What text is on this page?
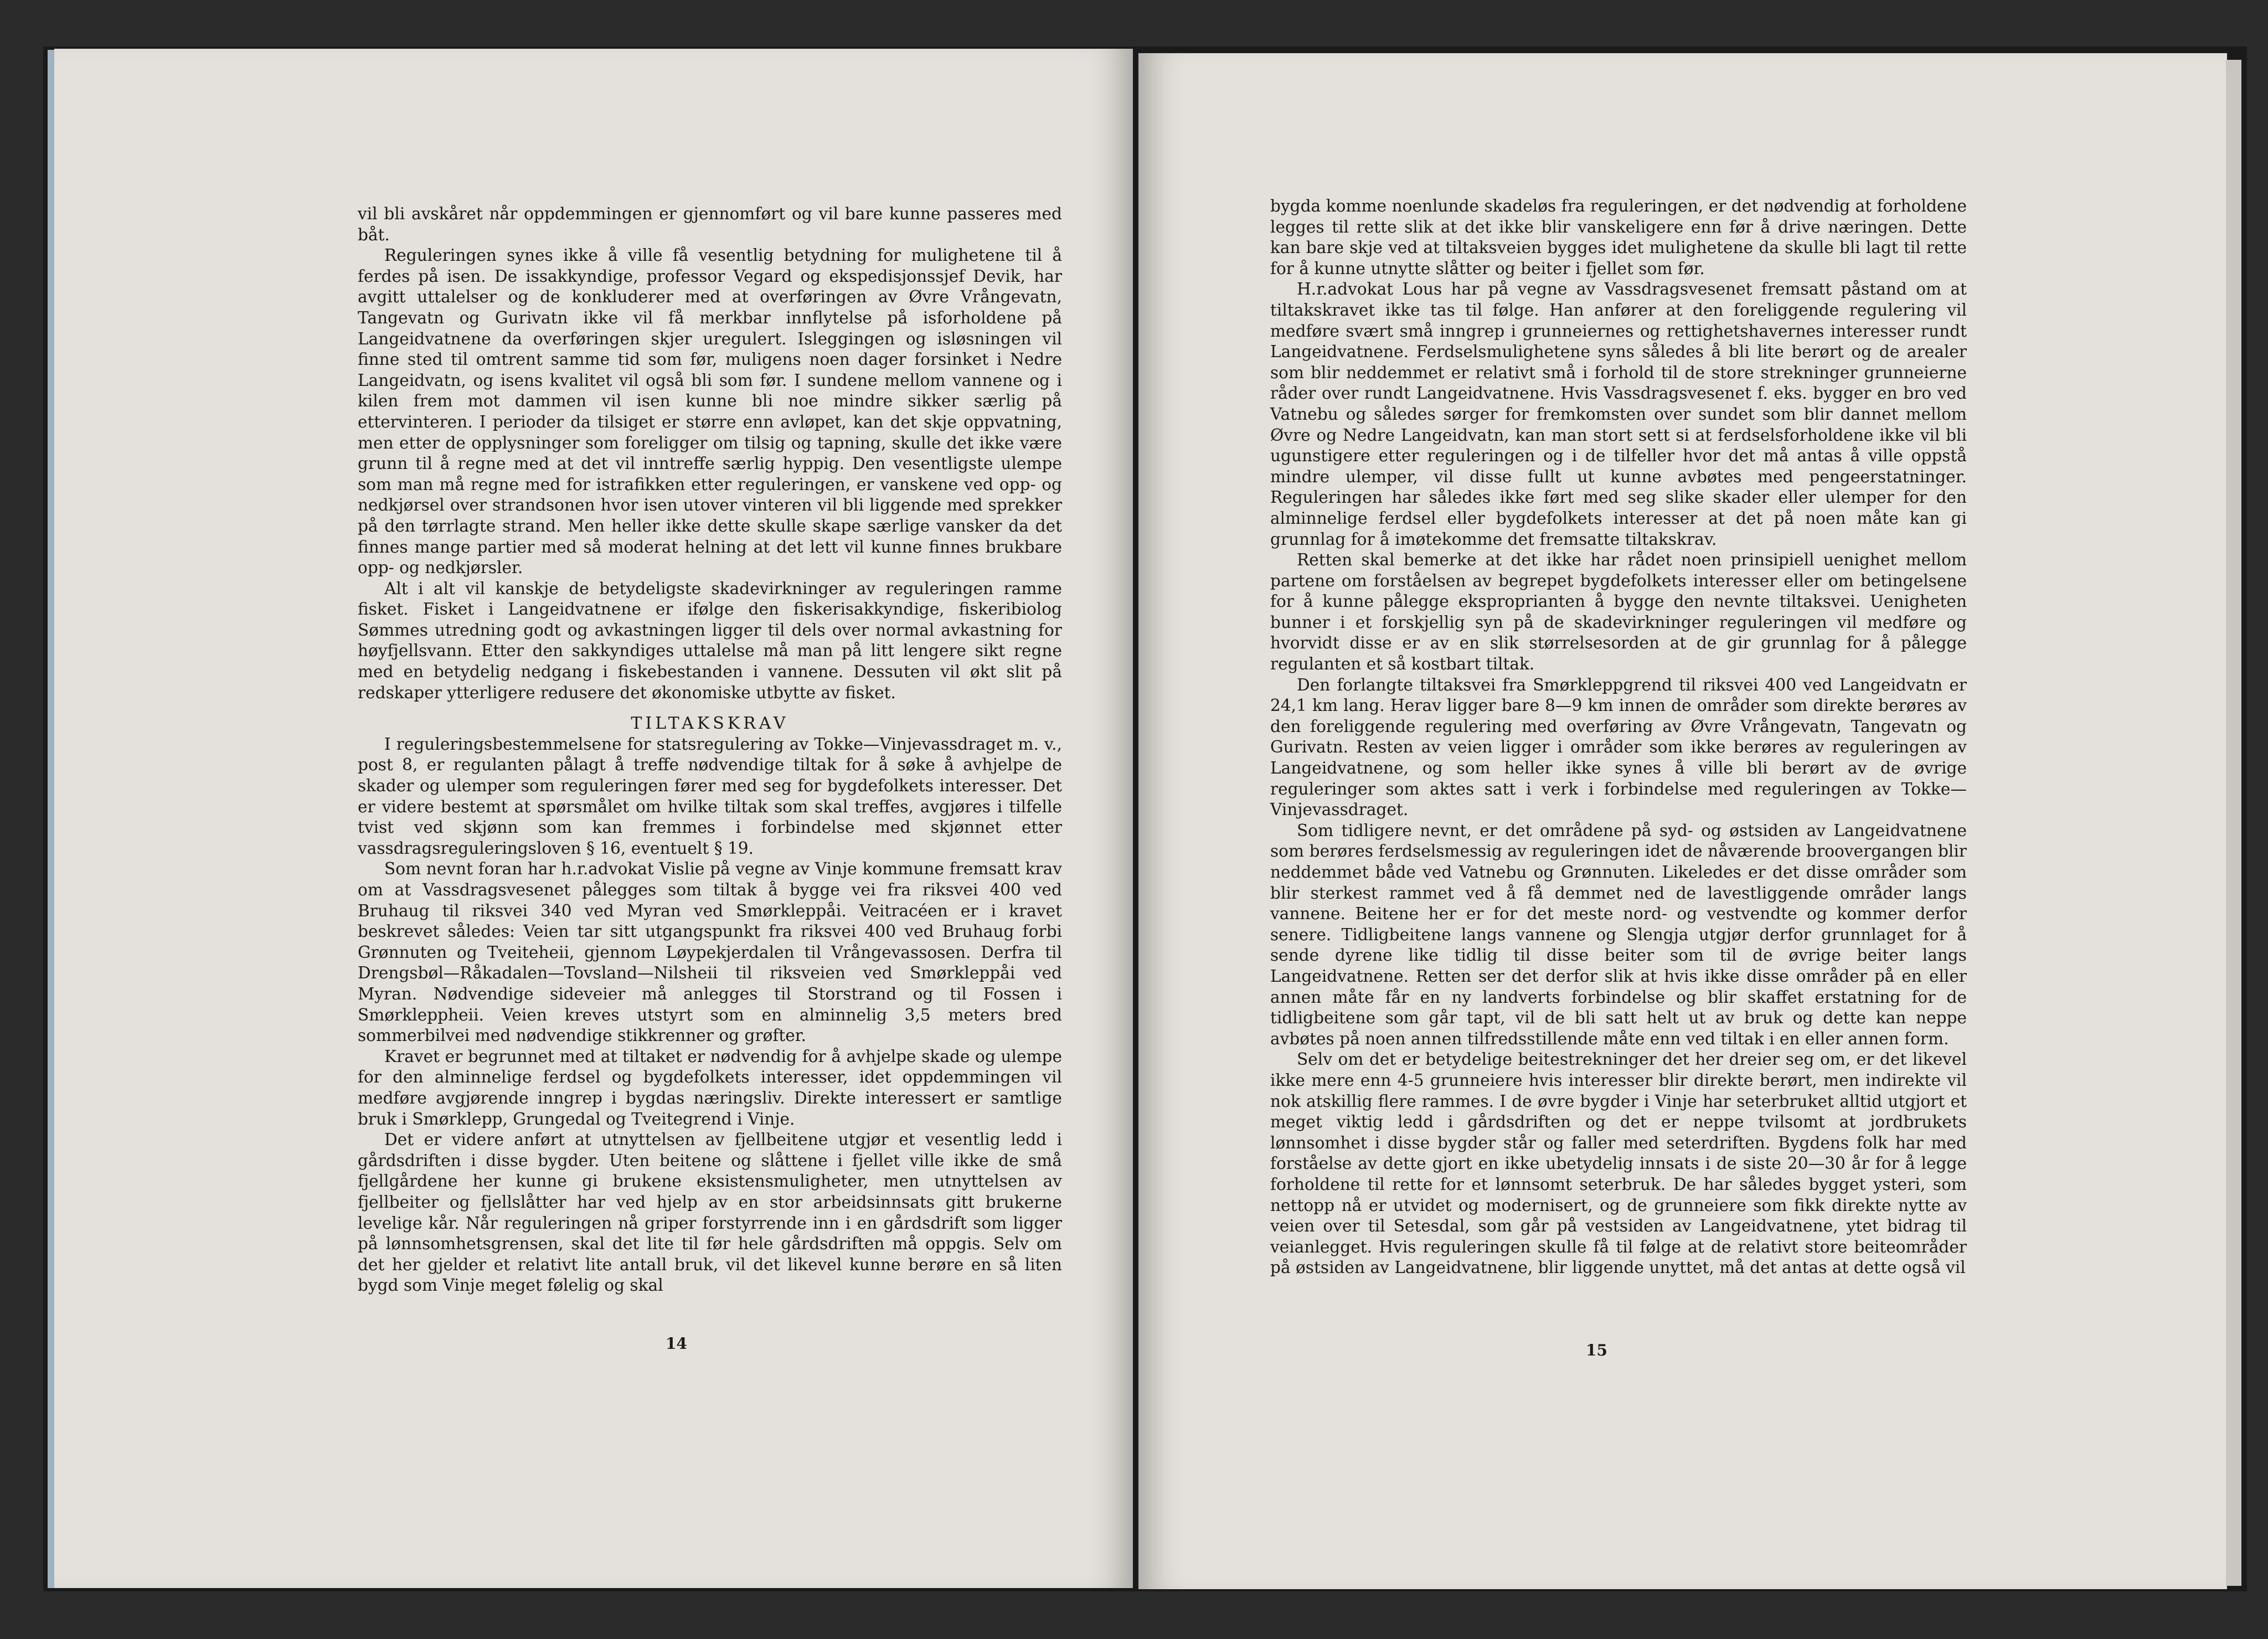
vil bli avskåret når oppdemmingen er gjennomført og vil bare kunne passeres med båt.

Reguleringen synes ikke å ville få vesentlig betydning for mulighetene til å ferdes på isen. De issakkyndige, professor Vegard og ekspedisjonssjef Devik, har avgitt uttalelser og de konkluderer med at overføringen av Øvre Vrångevatn, Tangevatn og Gurivatn ikke vil få merkbar innflytelse på isforholdene på Langeidvatnene da overføringen skjer uregulert. Isleggingen og isløsningen vil finne sted til omtrent samme tid som før, muligens noen dager forsinket i Nedre Langeidvatn, og isens kvalitet vil også bli som før. I sundene mellom vannene og i kilen frem mot dammen vil isen kunne bli noe mindre sikker særlig på ettervinteren. I perioder da tilsiget er større enn avløpet, kan det skje oppvatning, men etter de opplysninger som foreligger om tilsig og tapning, skulle det ikke være grunn til å regne med at det vil inntreffe særlig hyppig. Den vesentligste ulempe som man må regne med for istrafikken etter reguleringen, er vanskene ved opp- og nedkjørsel over strandsonen hvor isen utover vinteren vil bli liggende med sprekker på den tørrlagte strand. Men heller ikke dette skulle skape særlige vansker da det finnes mange partier med så moderat helning at det lett vil kunne finnes brukbare opp- og nedkjørsler.

Alt i alt vil kanskje de betydeligste skadevirkninger av reguleringen ramme fisket. Fisket i Langeidvatnene er ifølge den fiskerisakkyndige, fiskeribiolog Sømmes utredning godt og avkastningen ligger til dels over normal avkastning for høyfjellsvann. Etter den sakkyndiges uttalelse må man på litt lengere sikt regne med en betydelig nedgang i fiskebestanden i vannene. Dessuten vil økt slit på redskaper ytterligere redusere det økonomiske utbytte av fisket.

TILTAKSKRAV

I reguleringsbestemmelsene for statsregulering av Tokke—Vinjevassdraget m. v., post 8, er regulanten pålagt å treffe nødvendige tiltak for å søke å avhjelpe de skader og ulemper som reguleringen fører med seg for bygdefolkets interesser. Det er videre bestemt at spørsmålet om hvilke tiltak som skal treffes, avgjøres i tilfelle tvist ved skjønn som kan fremmes i forbindelse med skjønnet etter vassdragsreguleringsloven § 16, eventuelt § 19.

Som nevnt foran har h.r.advokat Vislie på vegne av Vinje kommune fremsatt krav om at Vassdragsvesenet pålegges som tiltak å bygge vei fra riksvei 400 ved Bruhaug til riksvei 340 ved Myran ved Smørkleppåi. Veitracéen er i kravet beskrevet således: Veien tar sitt utgangspunkt fra riksvei 400 ved Bruhaug forbi Grønnuten og Tveiteheii, gjennom Løypekjerdalen til Vrångevassosen. Derfra til Drengsbøl—Råkadalen—Tovsland—Nilsheii til riksveien ved Smørkleppåi ved Myran. Nødvendige sideveier må anlegges til Storstrand og til Fossen i Smørkleppheii. Veien kreves utstyrt som en alminnelig 3,5 meters bred sommerbilvei med nødvendige stikkrenner og grøfter.

Kravet er begrunnet med at tiltaket er nødvendig for å avhjelpe skade og ulempe for den alminnelige ferdsel og bygdefolkets interesser, idet oppdemmingen vil medføre avgjørende inngrep i bygdas næringsliv. Direkte interessert er samtlige bruk i Smørklepp, Grungedal og Tveitegrend i Vinje.

Det er videre anført at utnyttelsen av fjellbeitene utgjør et vesentlig ledd i gårdsdriften i disse bygder. Uten beitene og slåttene i fjellet ville ikke de små fjellgårdene her kunne gi brukene eksistensmuligheter, men utnyttelsen av fjellbeiter og fjellslåtter har ved hjelp av en stor arbeidsinnsats gitt brukerne levelige kår. Når reguleringen nå griper forstyrrende inn i en gårdsdrift som ligger på lønnsomhetsgrensen, skal det lite til før hele gårdsdriften må oppgis. Selv om det her gjelder et relativt lite antall bruk, vil det likevel kunne berøre en så liten bygd som Vinje meget følelig og skal

14

bygda komme noenlunde skadeløs fra reguleringen, er det nødvendig at forholdene legges til rette slik at det ikke blir vanskeligere enn før å drive næringen. Dette kan bare skje ved at tiltaksveien bygges idet mulighetene da skulle bli lagt til rette for å kunne utnytte slåtter og beiter i fjellet som før.

H.r.advokat Lous har på vegne av Vassdragsvesenet fremsatt påstand om at tiltakskravet ikke tas til følge. Han anfører at den foreliggende regulering vil medføre svært små inngrep i grunneiernes og rettighetshavernes interesser rundt Langeidvatnene. Ferdselsmulighetene syns således å bli lite berørt og de arealer som blir neddemmet er relativt små i forhold til de store strekninger grunneierne råder over rundt Langeidvatnene. Hvis Vassdragsvesenet f. eks. bygger en bro ved Vatnebu og således sørger for fremkomsten over sundet som blir dannet mellom Øvre og Nedre Langeidvatn, kan man stort sett si at ferdselsforholdene ikke vil bli ugunstigere etter reguleringen og i de tilfeller hvor det må antas å ville oppstå mindre ulemper, vil disse fullt ut kunne avbøtes med pengeerstatninger. Reguleringen har således ikke ført med seg slike skader eller ulemper for den alminnelige ferdsel eller bygdefolkets interesser at det på noen måte kan gi grunnlag for å imøtekomme det fremsatte tiltakskrav.

Retten skal bemerke at det ikke har rådet noen prinsipiell uenighet mellom partene om forståelsen av begrepet bygdefolkets interesser eller om betingelsene for å kunne pålegge eksproprianten å bygge den nevnte tiltaksvei. Uenigheten bunner i et forskjellig syn på de skadevirkninger reguleringen vil medføre og hvorvidt disse er av en slik størrelsesorden at de gir grunnlag for å pålegge regulanten et så kostbart tiltak.

Den forlangte tiltaksvei fra Smørkleppgrend til riksvei 400 ved Langeidvatn er 24,1 km lang. Herav ligger bare 8—9 km innen de områder som direkte berøres av den foreliggende regulering med overføring av Øvre Vrångevatn, Tangevatn og Gurivatn. Resten av veien ligger i områder som ikke berøres av reguleringen av Langeidvatnene, og som heller ikke synes å ville bli berørt av de øvrige reguleringer som aktes satt i verk i forbindelse med reguleringen av Tokke—Vinjevassdraget.

Som tidligere nevnt, er det områdene på syd- og østsiden av Langeidvatnene som berøres ferdselsmessig av reguleringen idet de nåværende broovergangen blir neddemmet både ved Vatnebu og Grønnuten. Likeledes er det disse områder som blir sterkest rammet ved å få demmet ned de lavestliggende områder langs vannene. Beitene her er for det meste nord- og vestvendte og kommer derfor senere. Tidligbeitene langs vannene og Slengja utgjør derfor grunnlaget for å sende dyrene like tidlig til disse beiter som til de øvrige beiter langs Langeidvatnene. Retten ser det derfor slik at hvis ikke disse områder på en eller annen måte får en ny landverts forbindelse og blir skaffet erstatning for de tidligbeitene som går tapt, vil de bli satt helt ut av bruk og dette kan neppe avbøtes på noen annen tilfredsstillende måte enn ved tiltak i en eller annen form.

Selv om det er betydelige beitestrekninger det her dreier seg om, er det likevel ikke mere enn 4-5 grunneiere hvis interesser blir direkte berørt, men indirekte vil nok atskillig flere rammes. I de øvre bygder i Vinje har seterbruket alltid utgjort et meget viktig ledd i gårdsdriften og det er neppe tvilsomt at jordbrukets lønnsomhet i disse bygder står og faller med seterdriften. Bygdens folk har med forståelse av dette gjort en ikke ubetydelig innsats i de siste 20—30 år for å legge forholdene til rette for et lønnsomt seterbruk. De har således bygget ysteri, som nettopp nå er utvidet og modernisert, og de grunneiere som fikk direkte nytte av veien over til Setesdal, som går på vestsiden av Langeidvatnene, ytet bidrag til veianlegget. Hvis reguleringen skulle få til følge at de relativt store beiteområder på østsiden av Langeidvatnene, blir liggende unyttet, må det antas at dette også vil

15
